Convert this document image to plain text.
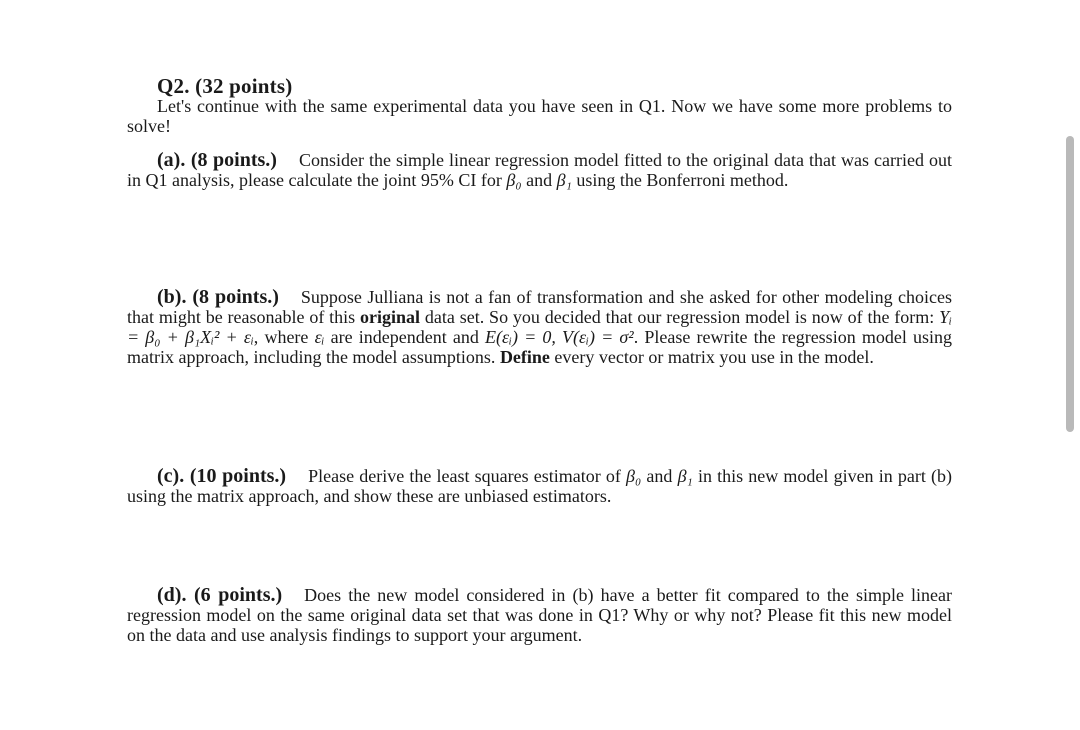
Q2. (32 points)
Let's continue with the same experimental data you have seen in Q1. Now we have some more problems to solve!
(a). (8 points.) Consider the simple linear regression model fitted to the original data that was carried out in Q1 analysis, please calculate the joint 95% CI for β₀ and β₁ using the Bonferroni method.
(b). (8 points.) Suppose Julliana is not a fan of transformation and she asked for other modeling choices that might be reasonable of this original data set. So you decided that our regression model is now of the form: Yᵢ = β₀ + β₁Xᵢ² + εᵢ, where εᵢ are independent and E(εᵢ) = 0, V(εᵢ) = σ². Please rewrite the regression model using matrix approach, including the model assumptions. Define every vector or matrix you use in the model.
(c). (10 points.) Please derive the least squares estimator of β₀ and β₁ in this new model given in part (b) using the matrix approach, and show these are unbiased estimators.
(d). (6 points.) Does the new model considered in (b) have a better fit compared to the simple linear regression model on the same original data set that was done in Q1? Why or why not? Please fit this new model on the data and use analysis findings to support your argument.
